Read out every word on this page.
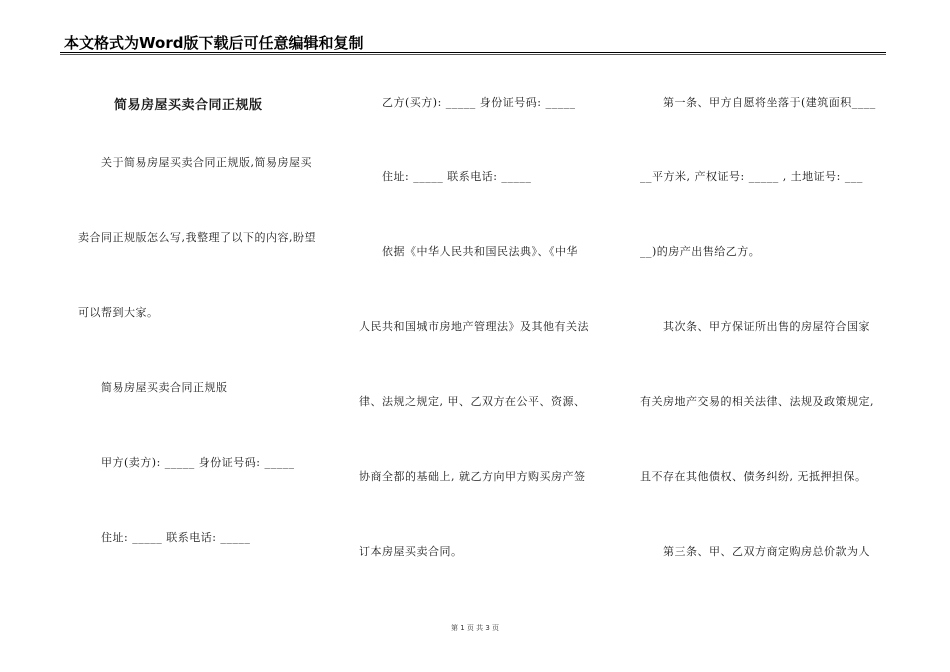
本文格式为Word版下载后可任意编辑和复制
简易房屋买卖合同正规版
关于简易房屋买卖合同正规版,简易房屋买
卖合同正规版怎么写,我整理了以下的内容,盼望
可以帮到大家。
简易房屋买卖合同正规版
甲方(卖方): _____ 身份证号码: _____
住址: _____ 联系电话: _____
乙方(买方): _____ 身份证号码: _____
住址: _____ 联系电话: _____
依据《中华人民共和国民法典》、《中华
人民共和国城市房地产管理法》及其他有关法
律、法规之规定, 甲、乙双方在公平、资源、
协商全都的基础上, 就乙方向甲方购买房产签
订本房屋买卖合同。
第一条、甲方自愿将坐落于(建筑面积____
__平方米, 产权证号: _____ , 土地证号: ___
__)的房产出售给乙方。
其次条、甲方保证所出售的房屋符合国家
有关房地产交易的相关法律、法规及政策规定,
且不存在其他债权、债务纠纷, 无抵押担保。
第三条、甲、乙双方商定购房总价款为人
第 1 页 共 3 页
